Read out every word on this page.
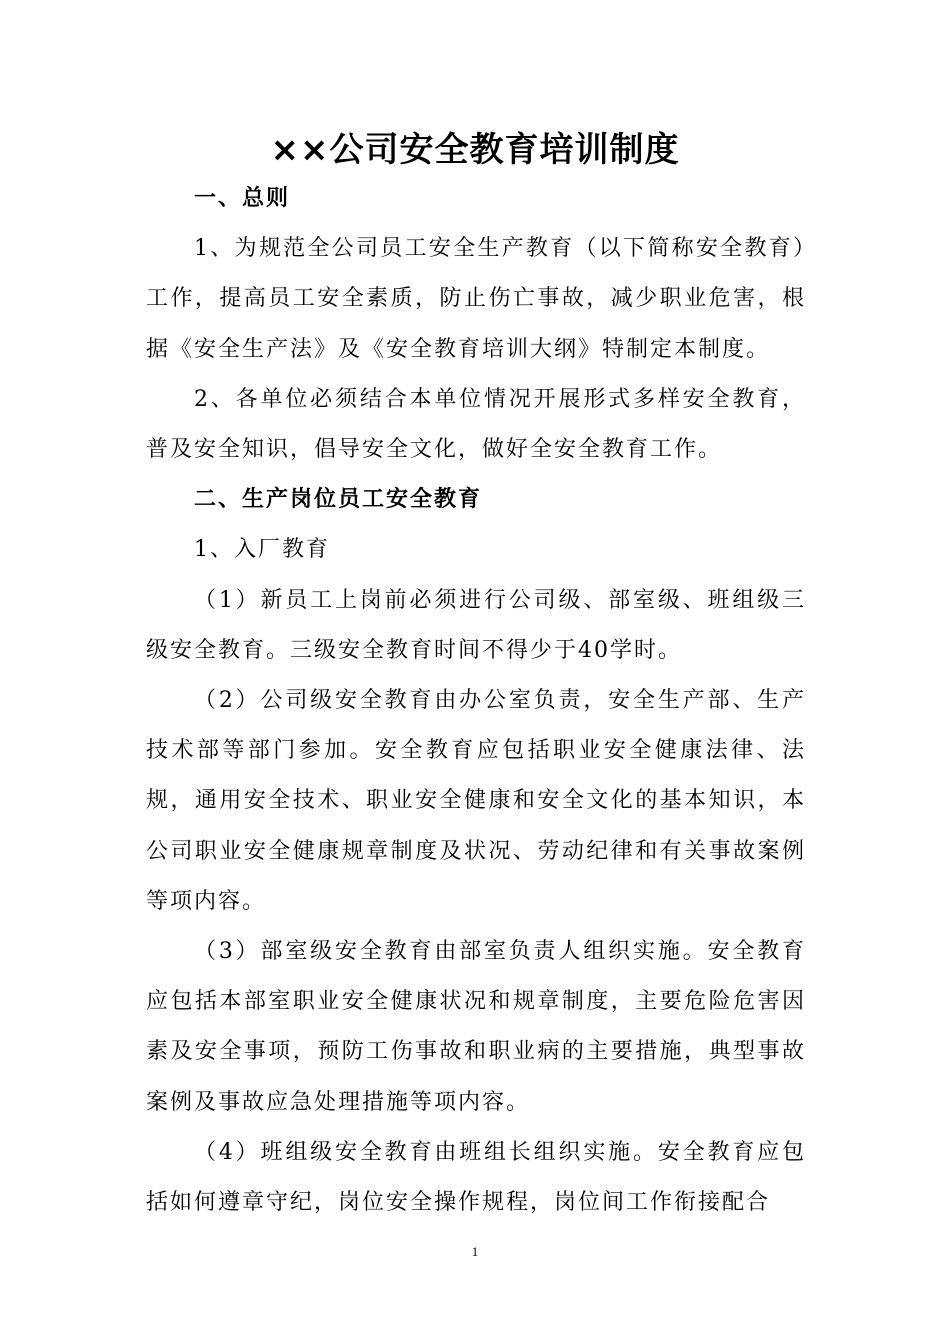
××公司安全教育培训制度

一、总则

1、为规范全公司员工安全生产教育（以下简称安全教育）工作，提高员工安全素质，防止伤亡事故，减少职业危害，根据《安全生产法》及《安全教育培训大纲》特制定本制度。

2、各单位必须结合本单位情况开展形式多样安全教育，普及安全知识，倡导安全文化，做好全安全教育工作。

二、生产岗位员工安全教育

1、入厂教育

（1）新员工上岗前必须进行公司级、部室级、班组级三级安全教育。三级安全教育时间不得少于40学时。

（2）公司级安全教育由办公室负责，安全生产部、生产技术部等部门参加。安全教育应包括职业安全健康法律、法规，通用安全技术、职业安全健康和安全文化的基本知识，本公司职业安全健康规章制度及状况、劳动纪律和有关事故案例等项内容。

（3）部室级安全教育由部室负责人组织实施。安全教育应包括本部室职业安全健康状况和规章制度，主要危险危害因素及安全事项，预防工伤事故和职业病的主要措施，典型事故案例及事故应急处理措施等项内容。

（4）班组级安全教育由班组长组织实施。安全教育应包括如何遵章守纪，岗位安全操作规程，岗位间工作衔接配合

1
